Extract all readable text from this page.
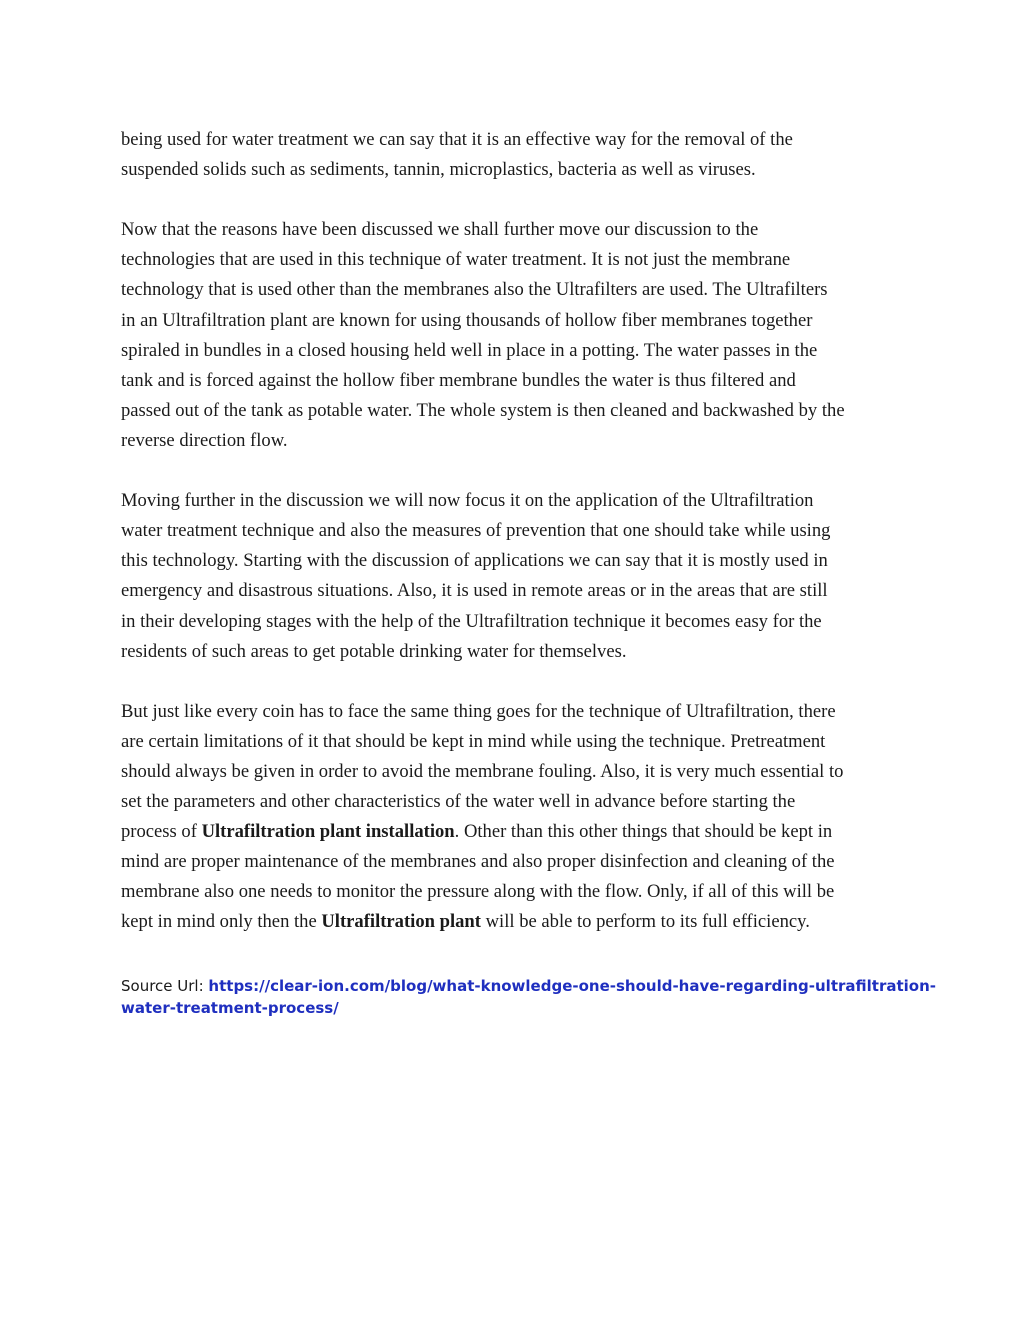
being used for water treatment we can say that it is an effective way for the removal of the
suspended solids such as sediments, tannin, microplastics, bacteria as well as viruses.

Now that the reasons have been discussed we shall further move our discussion to the
technologies that are used in this technique of water treatment. It is not just the membrane
technology that is used other than the membranes also the Ultrafilters are used. The Ultrafilters
in an Ultrafiltration plant are known for using thousands of hollow fiber membranes together
spiraled in bundles in a closed housing held well in place in a potting. The water passes in the
tank and is forced against the hollow fiber membrane bundles the water is thus filtered and
passed out of the tank as potable water. The whole system is then cleaned and backwashed by the
reverse direction flow.

Moving further in the discussion we will now focus it on the application of the Ultrafiltration
water treatment technique and also the measures of prevention that one should take while using
this technology. Starting with the discussion of applications we can say that it is mostly used in
emergency and disastrous situations. Also, it is used in remote areas or in the areas that are still
in their developing stages with the help of the Ultrafiltration technique it becomes easy for the
residents of such areas to get potable drinking water for themselves.

But just like every coin has to face the same thing goes for the technique of Ultrafiltration, there
are certain limitations of it that should be kept in mind while using the technique. Pretreatment
should always be given in order to avoid the membrane fouling. Also, it is very much essential to
set the parameters and other characteristics of the water well in advance before starting the
process of Ultrafiltration plant installation. Other than this other things that should be kept in
mind are proper maintenance of the membranes and also proper disinfection and cleaning of the
membrane also one needs to monitor the pressure along with the flow. Only, if all of this will be
kept in mind only then the Ultrafiltration plant will be able to perform to its full efficiency.

Source Url: https://clear-ion.com/blog/what-knowledge-one-should-have-regarding-ultrafiltration-
water-treatment-process/
